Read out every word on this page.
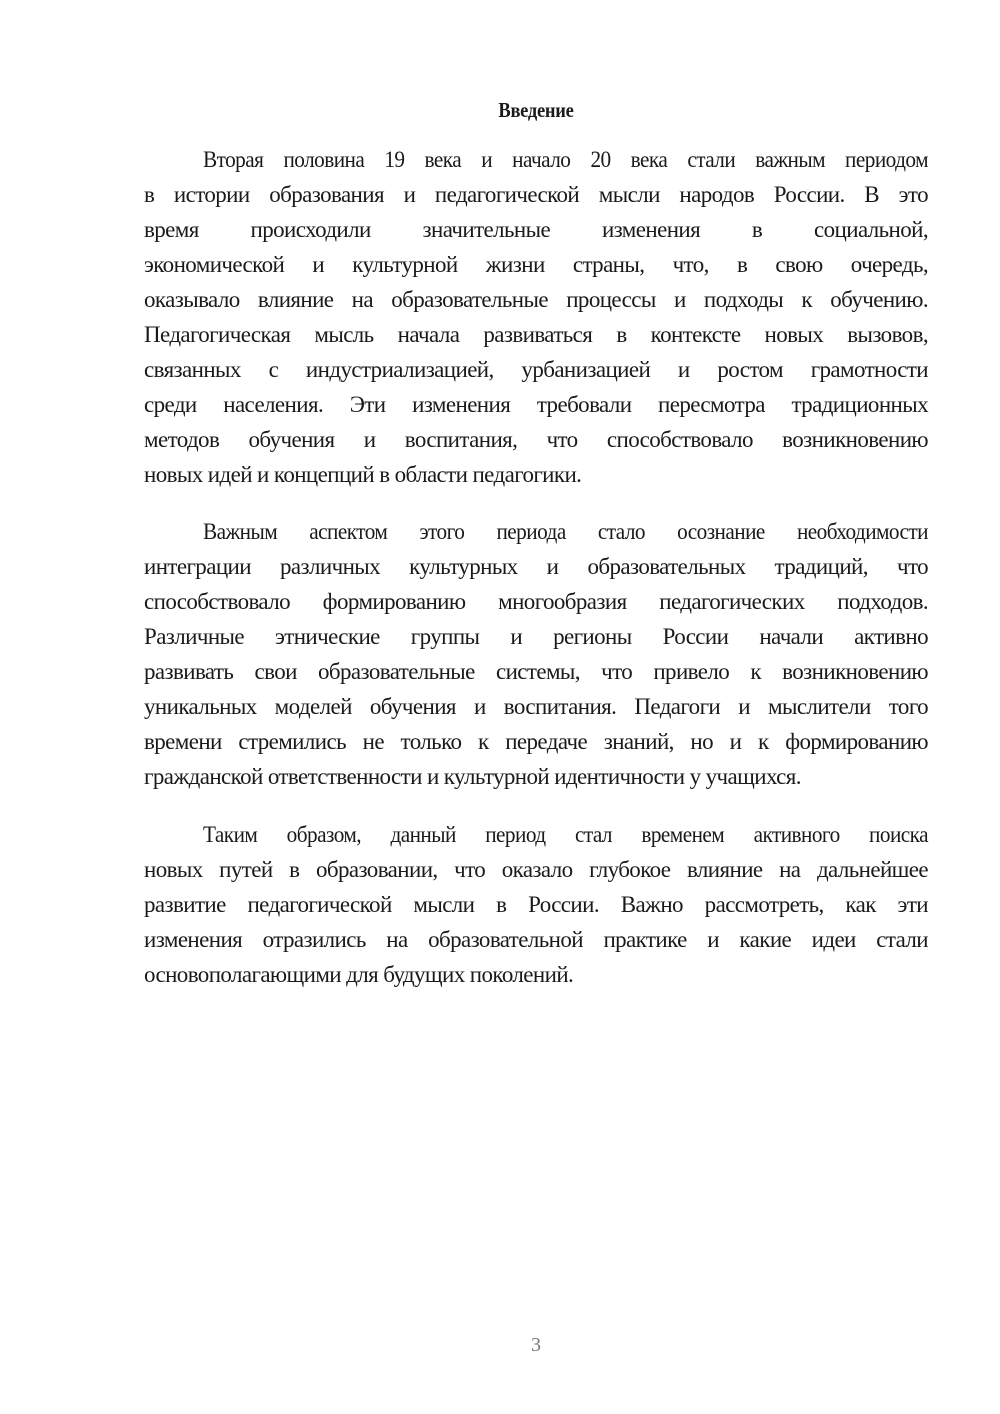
Введение
Вторая половина 19 века и начало 20 века стали важным периодом
в истории образования и педагогической мысли народов России. В это
время происходили значительные изменения в социальной,
экономической и культурной жизни страны, что, в свою очередь,
оказывало влияние на образовательные процессы и подходы к обучению.
Педагогическая мысль начала развиваться в контексте новых вызовов,
связанных с индустриализацией, урбанизацией и ростом грамотности
среди населения. Эти изменения требовали пересмотра традиционных
методов обучения и воспитания, что способствовало возникновению
новых идей и концепций в области педагогики.
Важным аспектом этого периода стало осознание необходимости
интеграции различных культурных и образовательных традиций, что
способствовало формированию многообразия педагогических подходов.
Различные этнические группы и регионы России начали активно
развивать свои образовательные системы, что привело к возникновению
уникальных моделей обучения и воспитания. Педагоги и мыслители того
времени стремились не только к передаче знаний, но и к формированию
гражданской ответственности и культурной идентичности у учащихся.
Таким образом, данный период стал временем активного поиска
новых путей в образовании, что оказало глубокое влияние на дальнейшее
развитие педагогической мысли в России. Важно рассмотреть, как эти
изменения отразились на образовательной практике и какие идеи стали
основополагающими для будущих поколений.
3
